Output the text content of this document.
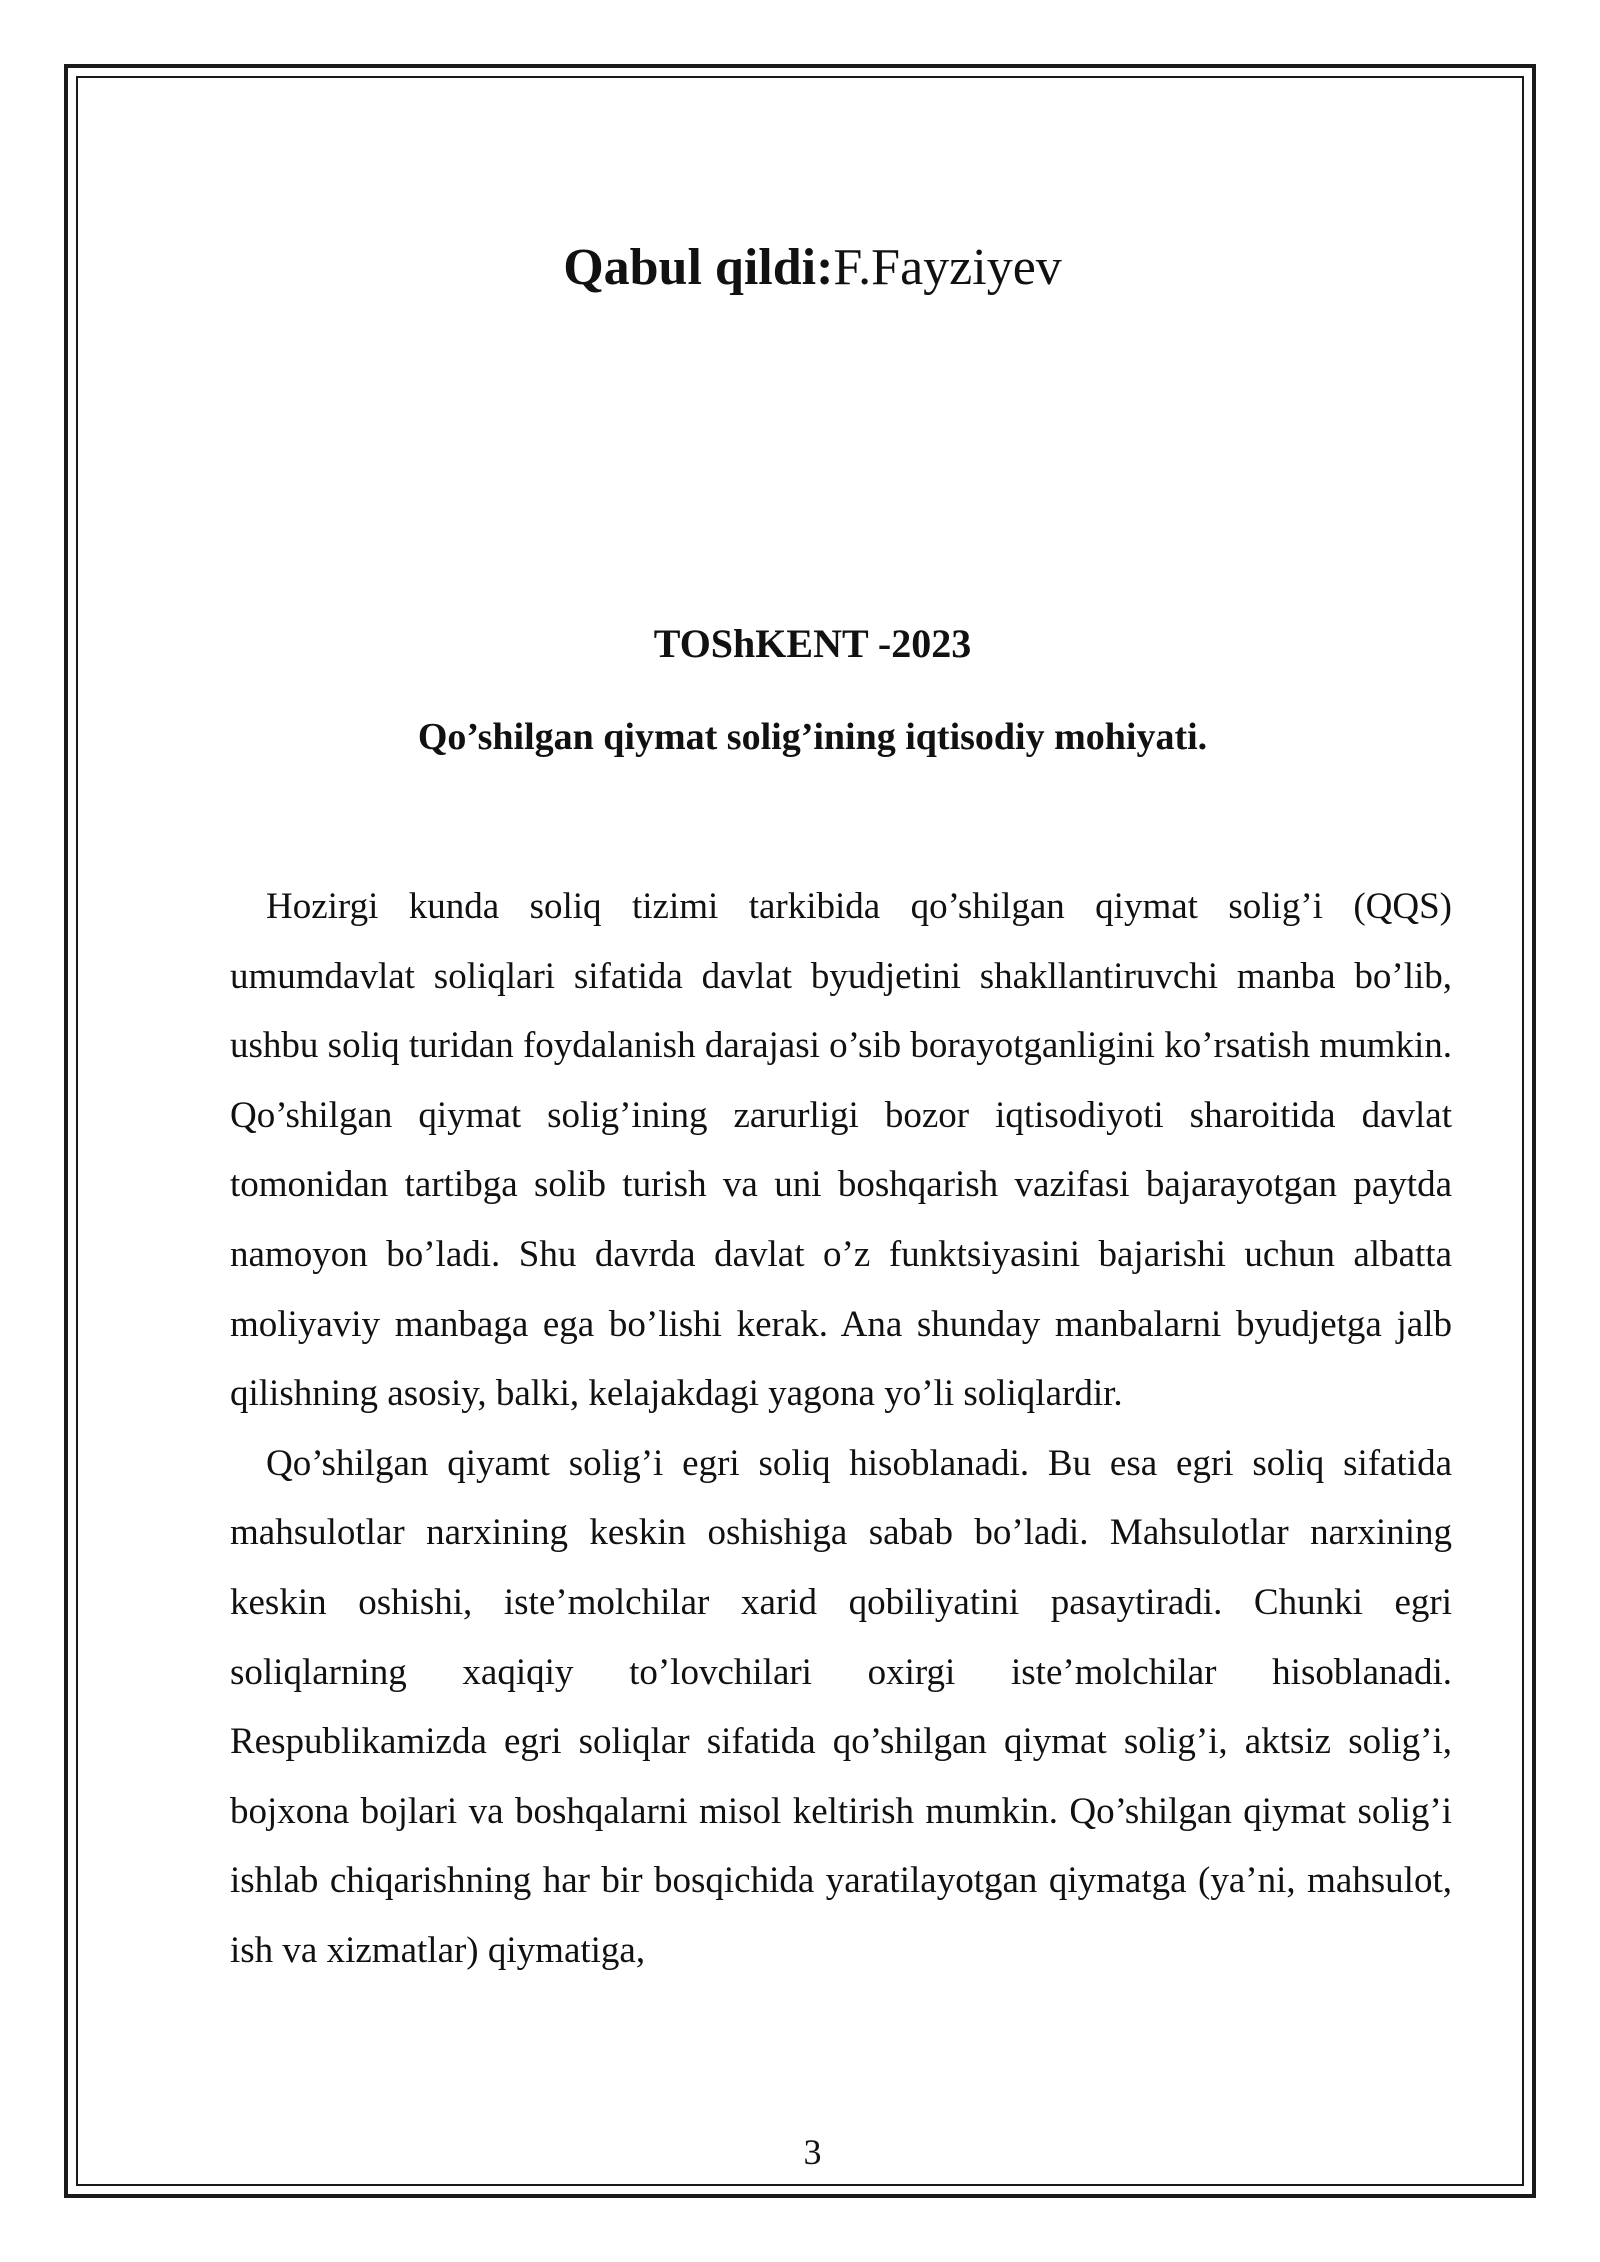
Qabul qildi:F.Fayziyev
TOShKENT -2023
Qo’shilgan qiymat solig’ining iqtisodiy mohiyati.

Hozirgi kunda soliq tizimi tarkibida qo’shilgan qiymat solig’i (QQS) umumdavlat soliqlari sifatida davlat byudjetini shakllantiruvchi manba bo’lib, ushbu soliq turidan foydalanish darajasi o’sib borayotganligini ko’rsatish mumkin. Qo’shilgan qiymat solig’ining zarurligi bozor iqtisodiyoti sharoitida davlat tomonidan tartibga solib turish va uni boshqarish vazifasi bajarayotgan paytda namoyon bo’ladi. Shu davrda davlat o’z funktsiyasini bajarishi uchun albatta moliyaviy manbaga ega bo’lishi kerak. Ana shunday manbalarni byudjetga jalb qilishning asosiy, balki, kelajakdagi yagona yo’li soliqlardir.

Qo’shilgan qiyamt solig’i egri soliq hisoblanadi. Bu esa egri soliq sifatida mahsulotlar narxining keskin oshishiga sabab bo’ladi. Mahsulotlar narxining keskin oshishi, iste’molchilar xarid qobiliyatini pasaytiradi. Chunki egri soliqlarning xaqiqiy to’lovchilari oxirgi iste’molchilar hisoblanadi. Respublikamizda egri soliqlar sifatida qo’shilgan qiymat solig’i, aktsiz solig’i, bojxona bojlari va boshqalarni misol keltirish mumkin. Qo’shilgan qiymat solig’i ishlab chiqarishning har bir bosqichida yaratilayotgan qiymatga (ya’ni, mahsulot, ish va xizmatlar) qiymatiga,

3
